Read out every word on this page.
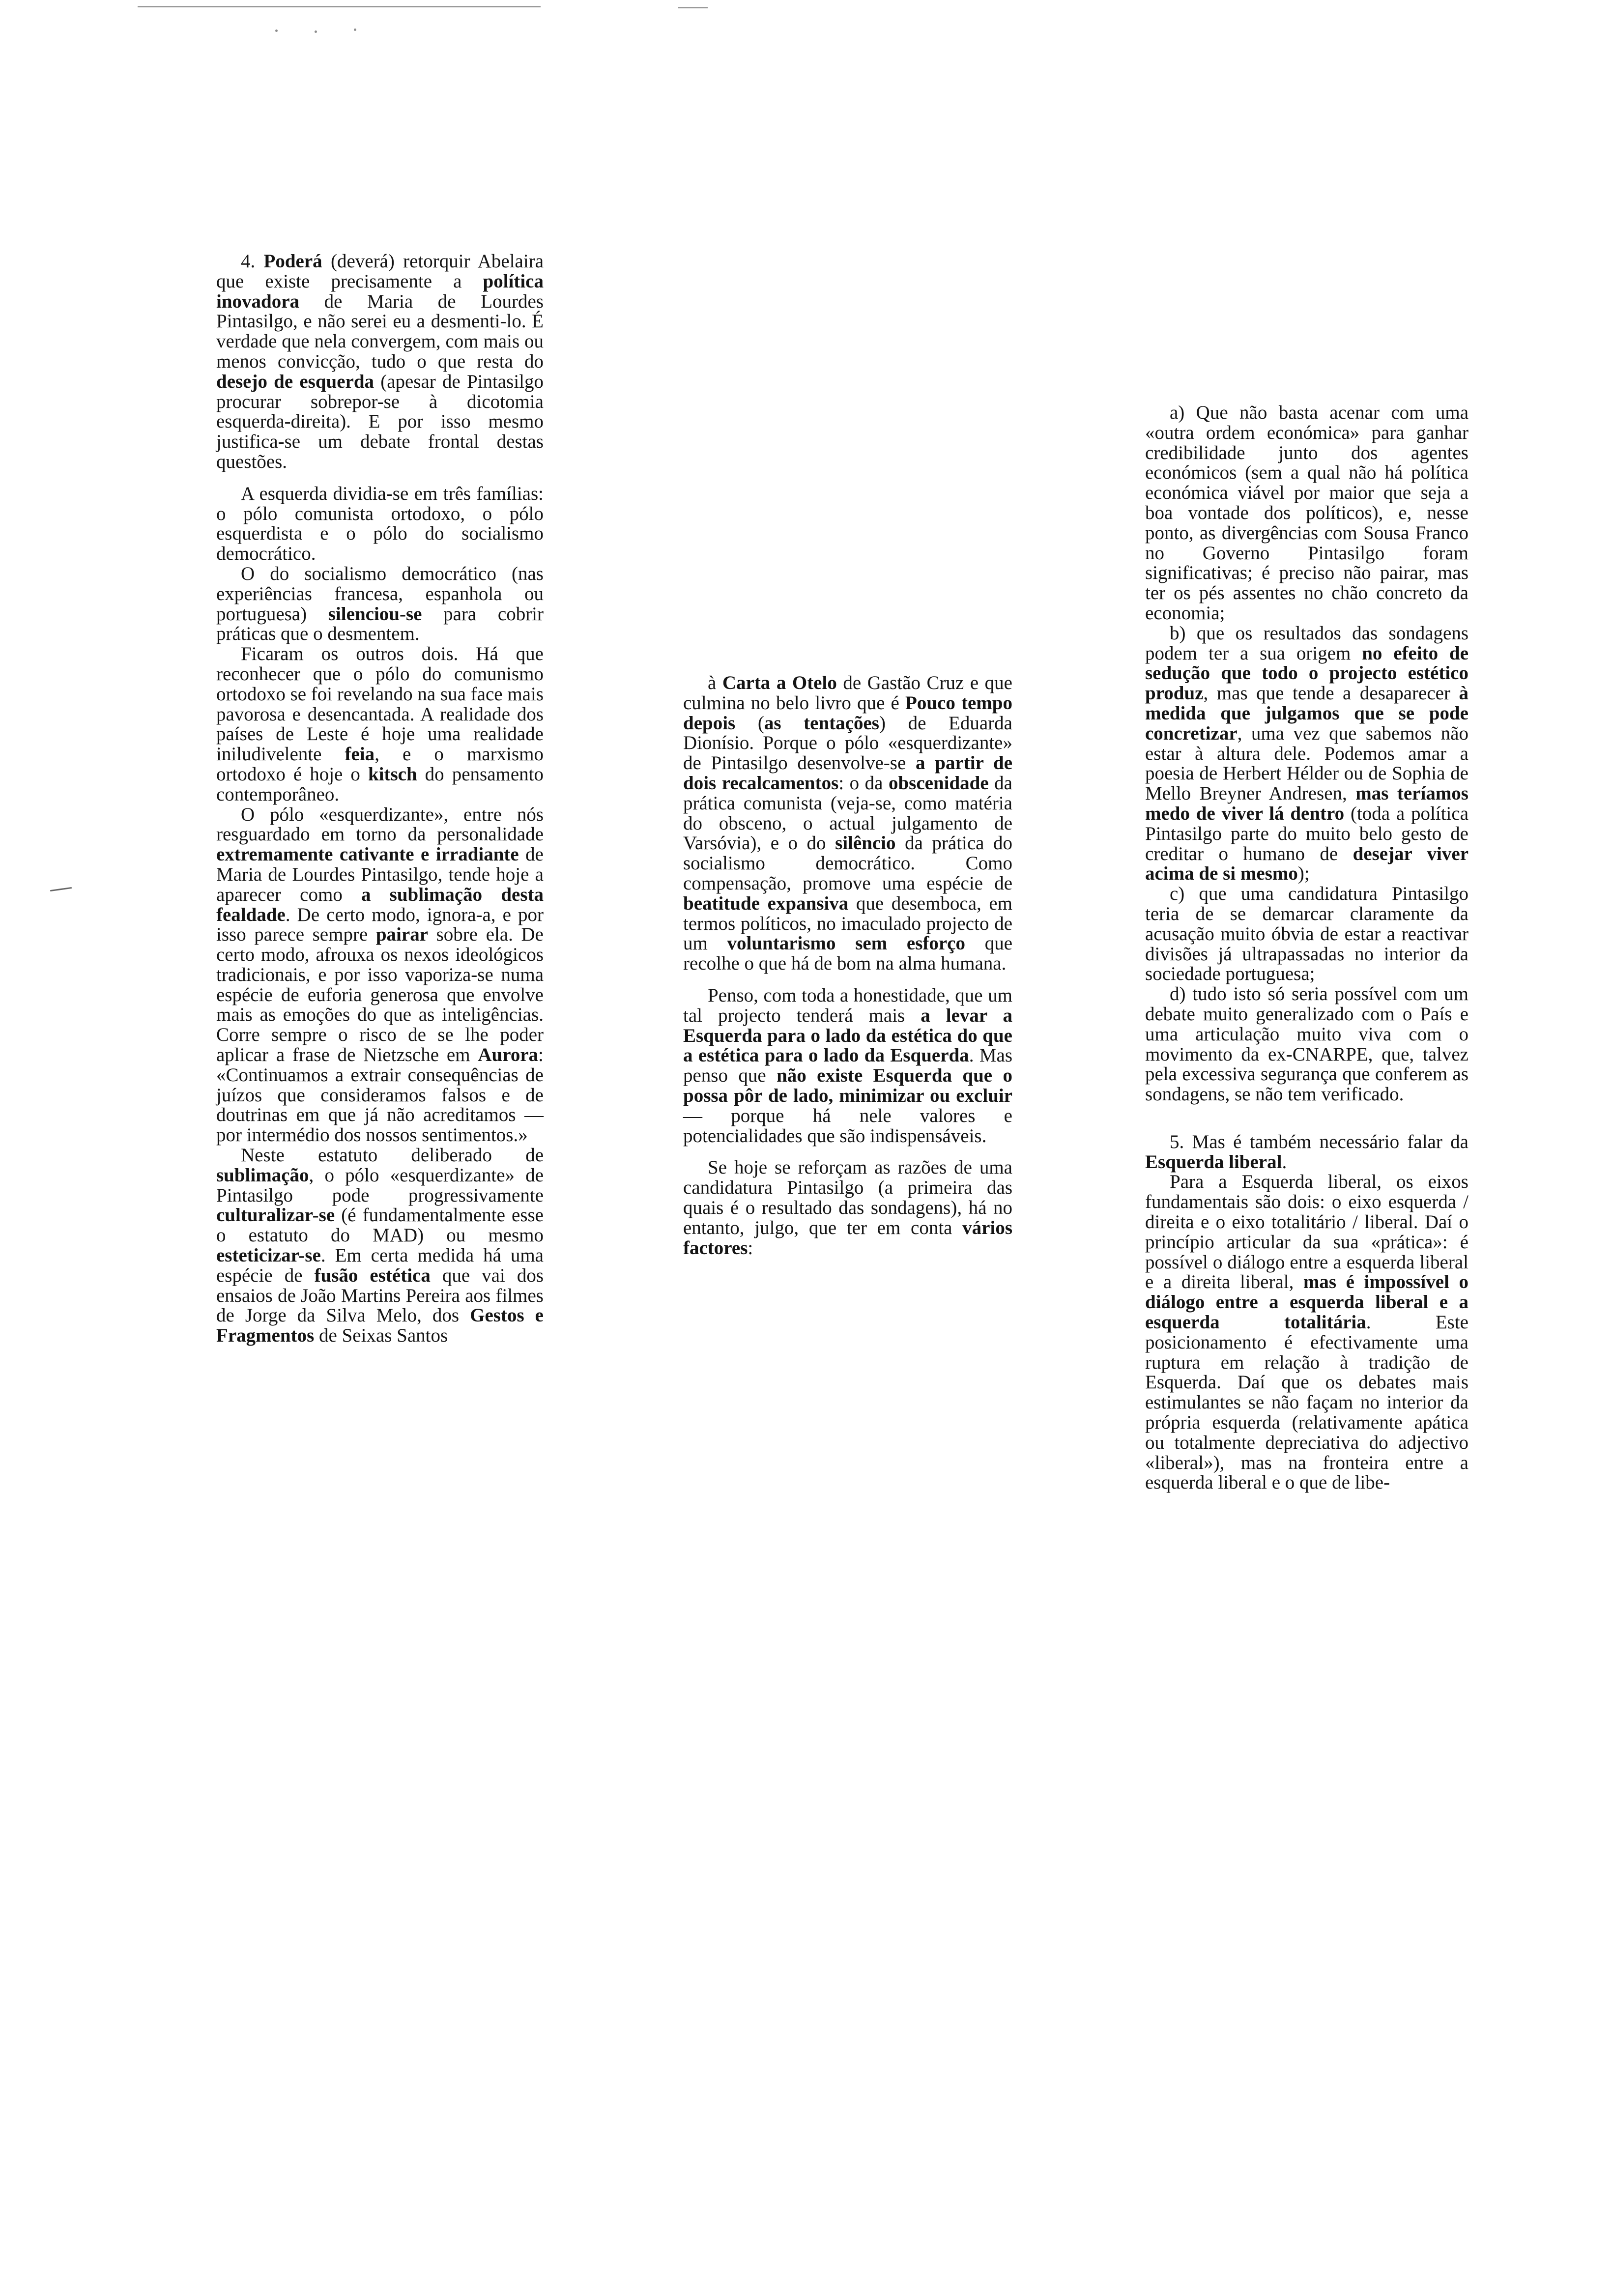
4. Poderá (deverá) retorquir Abelaira que existe precisamente a política inovadora de Maria de Lourdes Pintasilgo, e não serei eu a desmenti-lo. É verdade que nela convergem, com mais ou menos convicção, tudo o que resta do desejo de esquerda (apesar de Pintasilgo procurar sobrepor-se à dicotomia esquerda-direita). E por isso mesmo justifica-se um debate frontal destas questões.

A esquerda dividia-se em três famílias: o pólo comunista ortodoxo, o pólo esquerdista e o pólo do socialismo democrático.

O do socialismo democrático (nas experiências francesa, espanhola ou portuguesa) silenciou-se para cobrir práticas que o desmentem.

Ficaram os outros dois. Há que reconhecer que o pólo do comunismo ortodoxo se foi revelando na sua face mais pavorosa e desencantada. A realidade dos países de Leste é hoje uma realidade iniludivelente feia, e o marxismo ortodoxo é hoje o kitsch do pensamento contemporâneo.

O pólo «esquerdizante», entre nós resguardado em torno da personalidade extremamente cativante e irradiante de Maria de Lourdes Pintasilgo, tende hoje a aparecer como a sublimação desta fealdade. De certo modo, ignora-a, e por isso parece sempre pairar sobre ela. De certo modo, afrouxa os nexos ideológicos tradicionais, e por isso vaporiza-se numa espécie de euforia generosa que envolve mais as emoções do que as inteligências. Corre sempre o risco de se lhe poder aplicar a frase de Nietzsche em Aurora: «Continuamos a extrair consequências de juízos que consideramos falsos e de doutrinas em que já não acreditamos — por intermédio dos nossos sentimentos.»

Neste estatuto deliberado de sublimação, o pólo «esquerdizante» de Pintasilgo pode progressivamente culturalizar-se (é fundamentalmente esse o estatuto do MAD) ou mesmo esteticizar-se. Em certa medida há uma espécie de fusão estética que vai dos ensaios de João Martins Pereira aos filmes de Jorge da Silva Melo, dos Gestos e Fragmentos de Seixas Santos

à Carta a Otelo de Gastão Cruz e que culmina no belo livro que é Pouco tempo depois (as tentações) de Eduarda Dionísio. Porque o pólo «esquerdizante» de Pintasilgo desenvolve-se a partir de dois recalcamentos: o da obscenidade da prática comunista (veja-se, como matéria do obsceno, o actual julgamento de Varsóvia), e o do silêncio da prática do socialismo democrático. Como compensação, promove uma espécie de beatitude expansiva que desemboca, em termos políticos, no imaculado projecto de um voluntarismo sem esforço que recolhe o que há de bom na alma humana.

Penso, com toda a honestidade, que um tal projecto tenderá mais a levar a Esquerda para o lado da estética do que a estética para o lado da Esquerda. Mas penso que não existe Esquerda que o possa pôr de lado, minimizar ou excluir — porque há nele valores e potencialidades que são indispensáveis.

Se hoje se reforçam as razões de uma candidatura Pintasilgo (a primeira das quais é o resultado das sondagens), há no entanto, julgo, que ter em conta vários factores:

a) Que não basta acenar com uma «outra ordem económica» para ganhar credibilidade junto dos agentes económicos (sem a qual não há política económica viável por maior que seja a boa vontade dos políticos), e, nesse ponto, as divergências com Sousa Franco no Governo Pintasilgo foram significativas; é preciso não pairar, mas ter os pés assentes no chão concreto da economia;

b) que os resultados das sondagens podem ter a sua origem no efeito de sedução que todo o projecto estético produz, mas que tende a desaparecer à medida que julgamos que se pode concretizar, uma vez que sabemos não estar à altura dele. Podemos amar a poesia de Herbert Hélder ou de Sophia de Mello Breyner Andresen, mas teríamos medo de viver lá dentro (toda a política Pintasilgo parte do muito belo gesto de creditar o humano de desejar viver acima de si mesmo);

c) que uma candidatura Pintasilgo teria de se demarcar claramente da acusação muito óbvia de estar a reactivar divisões já ultrapassadas no interior da sociedade portuguesa;

d) tudo isto só seria possível com um debate muito generalizado com o País e uma articulação muito viva com o movimento da ex-CNARPE, que, talvez pela excessiva segurança que conferem as sondagens, se não tem verificado.

5. Mas é também necessário falar da Esquerda liberal.

Para a Esquerda liberal, os eixos fundamentais são dois: o eixo esquerda / direita e o eixo totalitário / liberal. Daí o princípio articular da sua «prática»: é possível o diálogo entre a esquerda liberal e a direita liberal, mas é impossível o diálogo entre a esquerda liberal e a esquerda totalitária. Este posicionamento é efectivamente uma ruptura em relação à tradição de Esquerda. Daí que os debates mais estimulantes se não façam no interior da própria esquerda (relativamente apática ou totalmente depreciativa do adjectivo «liberal»), mas na fronteira entre a esquerda liberal e o que de libe-
